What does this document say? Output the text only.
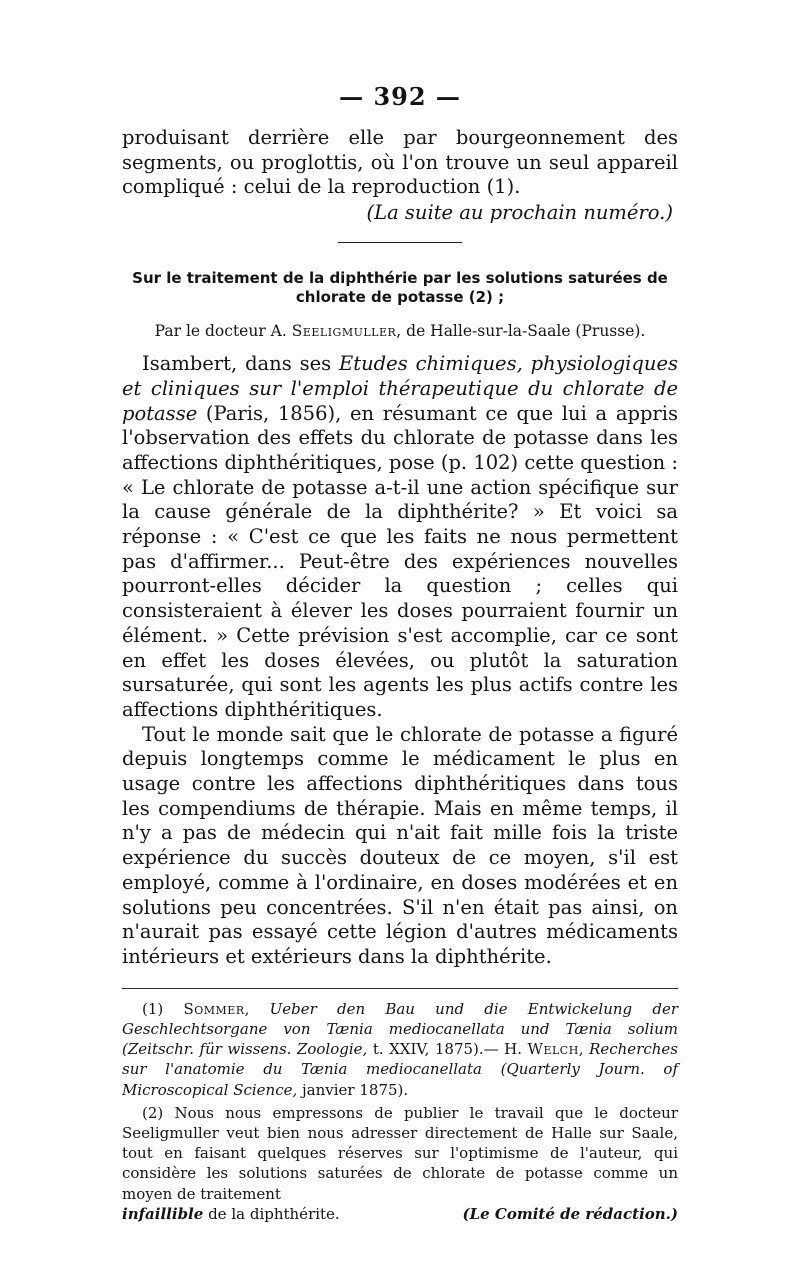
— 392 —

produisant derrière elle par bourgeonnement des segments, ou proglottis, où l'on trouve un seul appareil compliqué : celui de la reproduction (1).

(La suite au prochain numéro.)

Sur le traitement de la diphthérie par les solutions saturées de chlorate de potasse (2) ;

Par le docteur A. Seeligmuller, de Halle-sur-la-Saale (Prusse).

Isambert, dans ses Etudes chimiques, physiologiques et cliniques sur l'emploi thérapeutique du chlorate de potasse (Paris, 1856), en résumant ce que lui a appris l'observation des effets du chlorate de potasse dans les affections diphthéritiques, pose (p. 102) cette question : « Le chlorate de potasse a-t-il une action spécifique sur la cause générale de la diphthérite? » Et voici sa réponse : « C'est ce que les faits ne nous permettent pas d'affirmer... Peut-être des expériences nouvelles pourront-elles décider la question ; celles qui consisteraient à élever les doses pourraient fournir un élément. » Cette prévision s'est accomplie, car ce sont en effet les doses élevées, ou plutôt la saturation sursaturée, qui sont les agents les plus actifs contre les affections diphthéritiques.

Tout le monde sait que le chlorate de potasse a figuré depuis longtemps comme le médicament le plus en usage contre les affections diphthéritiques dans tous les compendiums de thérapie. Mais en même temps, il n'y a pas de médecin qui n'ait fait mille fois la triste expérience du succès douteux de ce moyen, s'il est employé, comme à l'ordinaire, en doses modérées et en solutions peu concentrées. S'il n'en était pas ainsi, on n'aurait pas essayé cette légion d'autres médicaments intérieurs et extérieurs dans la diphthérite.

(1) Sommer, Ueber den Bau und die Entwickelung der Geschlechtsorgane von Tænia mediocanellata und Tænia solium (Zeitschr. für wissens. Zoologie, t. XXIV, 1875).— H. Welch, Recherches sur l'anatomie du Tænia mediocanellata (Quarterly Journ. of Microscopical Science, janvier 1875).

(2) Nous nous empressons de publier le travail que le docteur Seeligmuller veut bien nous adresser directement de Halle sur Saale, tout en faisant quelques réserves sur l'optimisme de l'auteur, qui considère les solutions saturées de chlorate de potasse comme un moyen de traitement

infaillible de la diphthérite.	(Le Comité de rédaction.)
